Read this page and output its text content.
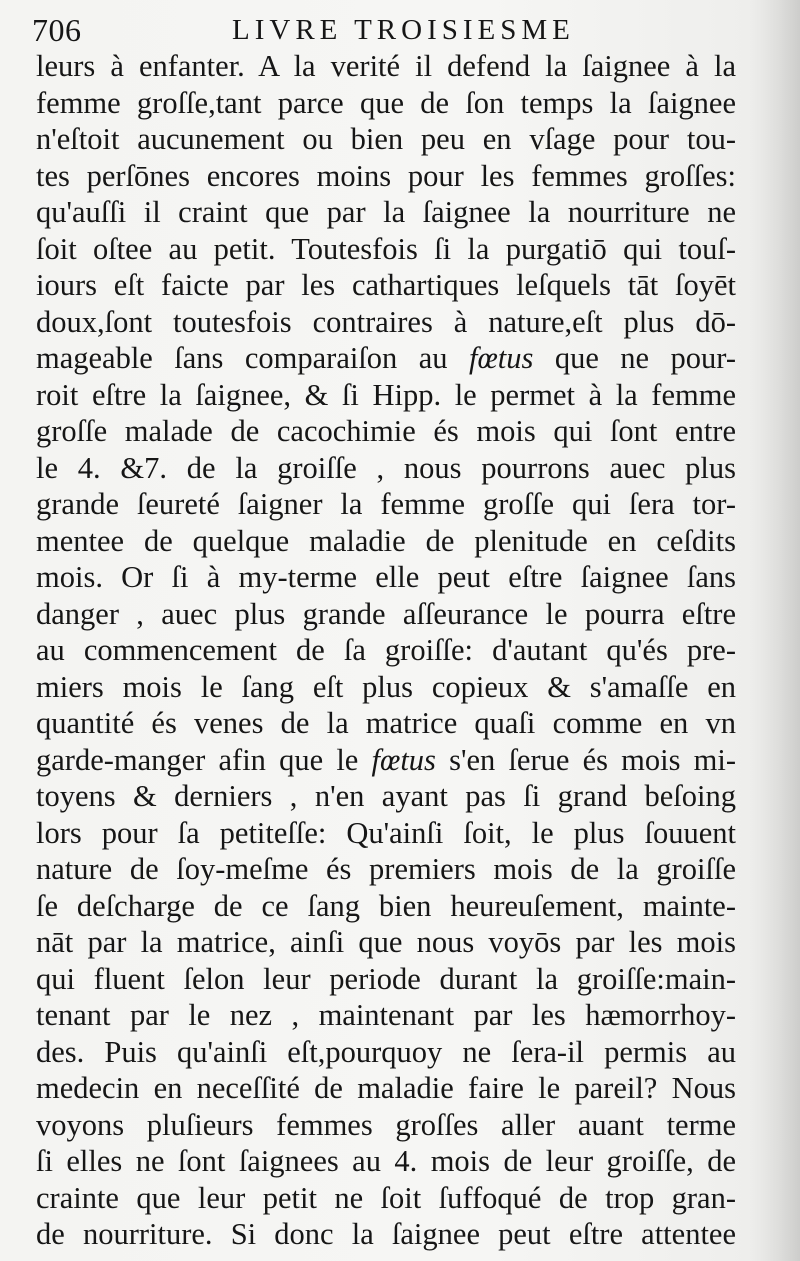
706	LIVRE TROISIESME
leurs à enfanter. A la verité il defend la ſaignee à la
femme groſſe,tant parce que de ſon temps la ſaignee
n'eſtoit aucunement ou bien peu en vſage pour tou-
tes perſōnes encores moins pour les femmes groſſes:
qu'auſſi il craint que par la ſaignee la nourriture ne
ſoit oſtee au petit. Toutesfois ſi la purgatiō qui touſ-
iours eſt faicte par les cathartiques leſquels tāt ſoyēt
doux,ſont toutesfois contraires à nature,eſt plus dō-
mageable ſans comparaiſon au fœtus que ne pour-
roit eſtre la ſaignee, & ſi Hipp. le permet à la femme
groſſe malade de cacochimie és mois qui ſont entre
le 4. &7. de la groiſſe , nous pourrons auec plus
grande ſeureté ſaigner la femme groſſe qui ſera tor-
mentee de quelque maladie de plenitude en ceſdits
mois. Or ſi à my-terme elle peut eſtre ſaignee ſans
danger , auec plus grande aſſeurance le pourra eſtre
au commencement de ſa groiſſe: d'autant qu'és pre-
miers mois le ſang eſt plus copieux & s'amaſſe en
quantité és venes de la matrice quaſi comme en vn
garde-manger afin que le fœtus s'en ſerue és mois mi-
toyens & derniers , n'en ayant pas ſi grand beſoing
lors pour ſa petiteſſe: Qu'ainſi ſoit, le plus ſouuent
nature de ſoy-meſme és premiers mois de la groiſſe
ſe deſcharge de ce ſang bien heureuſement, mainte-
nāt par la matrice, ainſi que nous voyōs par les mois
qui fluent ſelon leur periode durant la groiſſe:main-
tenant par le nez , maintenant par les hæmorrhoy-
des. Puis qu'ainſi eſt,pourquoy ne ſera-il permis au
medecin en neceſſité de maladie faire le pareil? Nous
voyons pluſieurs femmes groſſes aller auant terme
ſi elles ne ſont ſaignees au 4. mois de leur groiſſe, de
crainte que leur petit ne ſoit ſuffoqué de trop gran-
de nourriture. Si donc la ſaignee peut eſtre attentee
